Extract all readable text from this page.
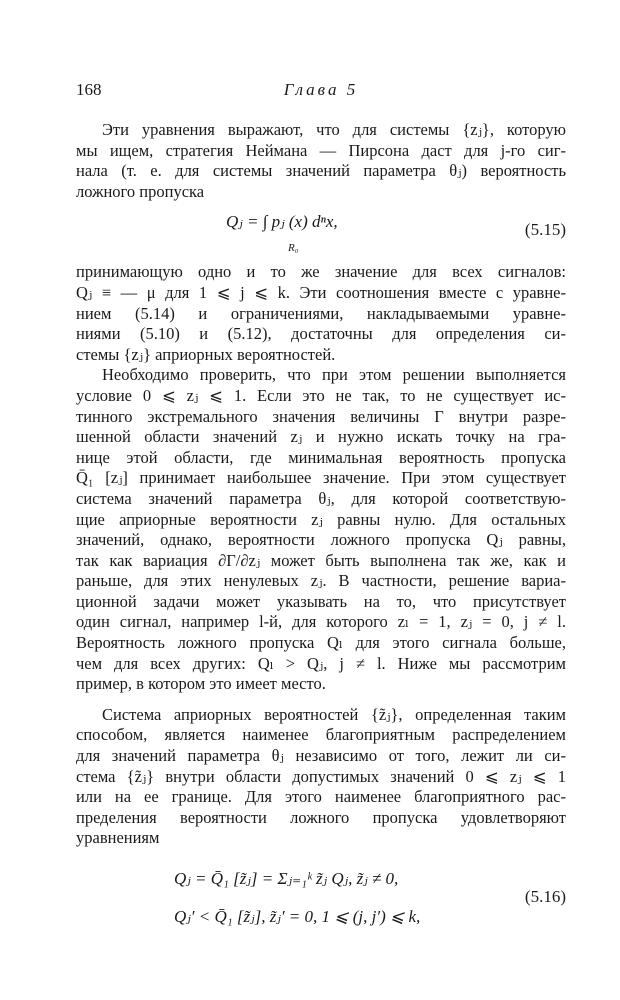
168	Глава 5
Эти уравнения выражают, что для системы {zⱼ}, которую
мы ищем, стратегия Неймана — Пирсона даст для j-го сиг-
нала (т. е. для системы значений параметра θⱼ) вероятность
ложного пропуска
Qⱼ = ∫ pⱼ (x) dⁿx,
R₀
(5.15)
принимающую одно и то же значение для всех сигналов:
Qⱼ ≡ — μ для 1 ⩽ j ⩽ k. Эти соотношения вместе с уравне-
нием (5.14) и ограничениями, накладываемыми уравне-
ниями (5.10) и (5.12), достаточны для определения си-
стемы {zⱼ} априорных вероятностей.
Необходимо проверить, что при этом решении выполняется
условие 0 ⩽ zⱼ ⩽ 1. Если это не так, то не существует ис-
тинного экстремального значения величины Γ внутри разре-
шенной области значений zⱼ и нужно искать точку на гра-
нице этой области, где минимальная вероятность пропуска
Q̄₁ [zⱼ] принимает наибольшее значение. При этом существует
система значений параметра θⱼ, для которой соответствую-
щие априорные вероятности zⱼ равны нулю. Для остальных
значений, однако, вероятности ложного пропуска Qⱼ равны,
так как вариация ∂Γ/∂zⱼ может быть выполнена так же, как и
раньше, для этих ненулевых zⱼ. В частности, решение вариа-
ционной задачи может указывать на то, что присутствует
один сигнал, например l-й, для которого zₗ = 1, zⱼ = 0, j ≠ l.
Вероятность ложного пропуска Qₗ для этого сигнала больше,
чем для всех других: Qₗ > Qⱼ, j ≠ l. Ниже мы рассмотрим
пример, в котором это имеет место.
Система априорных вероятностей {z̃ⱼ}, определенная таким
способом, является наименее благоприятным распределением
для значений параметра θⱼ независимо от того, лежит ли си-
стема {z̃ⱼ} внутри области допустимых значений 0 ⩽ zⱼ ⩽ 1
или на ее границе. Для этого наименее благоприятного рас-
пределения вероятности ложного пропуска удовлетворяют
уравнениям
Qⱼ = Q̄₁ [z̃ⱼ] = Σⱼ₌₁ᵏ z̃ⱼ Qⱼ, z̃ⱼ ≠ 0,
Qⱼ′ < Q̄₁ [z̃ⱼ], z̃ⱼ′ = 0, 1 ⩽ (j, j′) ⩽ k,
(5.16)
